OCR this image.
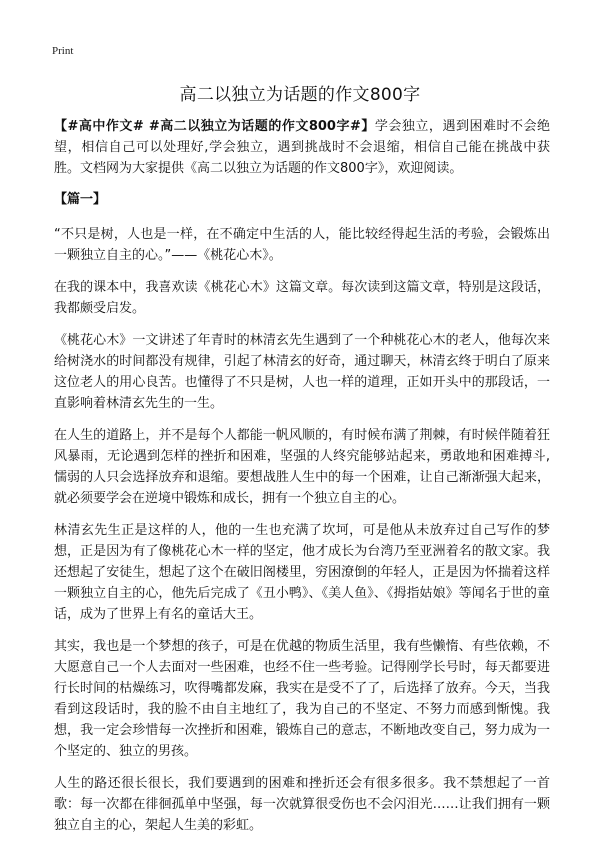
Print
高二以独立为话题的作文800字

【#高中作文# #高二以独立为话题的作文800字#】学会独立，遇到困难时不会绝望，相信自己可以处理好,学会独立，遇到挑战时不会退缩，相信自己能在挑战中获胜。文档网为大家提供《高二以独立为话题的作文800字》，欢迎阅读。

【篇一】

“不只是树，人也是一样，在不确定中生活的人，能比较经得起生活的考验，会锻炼出一颗独立自主的心。”——《桃花心木》。

在我的课本中，我喜欢读《桃花心木》这篇文章。每次读到这篇文章，特别是这段话，我都颇受启发。

《桃花心木》一文讲述了年青时的林清玄先生遇到了一个种桃花心木的老人，他每次来给树浇水的时间都没有规律，引起了林清玄的好奇，通过聊天，林清玄终于明白了原来这位老人的用心良苦。也懂得了不只是树，人也一样的道理，正如开头中的那段话，一直影响着林清玄先生的一生。

在人生的道路上，并不是每个人都能一帆风顺的，有时候布满了荆棘，有时候伴随着狂风暴雨，无论遇到怎样的挫折和困难，坚强的人终究能够站起来，勇敢地和困难搏斗,懦弱的人只会选择放弃和退缩。要想战胜人生中的每一个困难，让自己渐渐强大起来，就必须要学会在逆境中锻炼和成长，拥有一个独立自主的心。

林清玄先生正是这样的人，他的一生也充满了坎坷，可是他从未放弃过自己写作的梦想，正是因为有了像桃花心木一样的坚定，他才成长为台湾乃至亚洲着名的散文家。我还想起了安徒生，想起了这个在破旧阁楼里，穷困潦倒的年轻人，正是因为怀揣着这样一颗独立自主的心，他先后完成了《丑小鸭》、《美人鱼》、《拇指姑娘》等闻名于世的童话，成为了世界上有名的童话大王。

其实，我也是一个梦想的孩子，可是在优越的物质生活里，我有些懒惰、有些依赖，不大愿意自己一个人去面对一些困难，也经不住一些考验。记得刚学长号时，每天都要进行长时间的枯燥练习，吹得嘴都发麻，我实在是受不了了，后选择了放弃。今天，当我看到这段话时，我的脸不由自主地红了，我为自己的不坚定、不努力而感到惭愧。我想，我一定会珍惜每一次挫折和困难，锻炼自己的意志，不断地改变自己，努力成为一个坚定的、独立的男孩。

人生的路还很长很长，我们要遇到的困难和挫折还会有很多很多。我不禁想起了一首歌：每一次都在徘徊孤单中坚强，每一次就算很受伤也不会闪泪光……让我们拥有一颗独立自主的心，架起人生美的彩虹。
